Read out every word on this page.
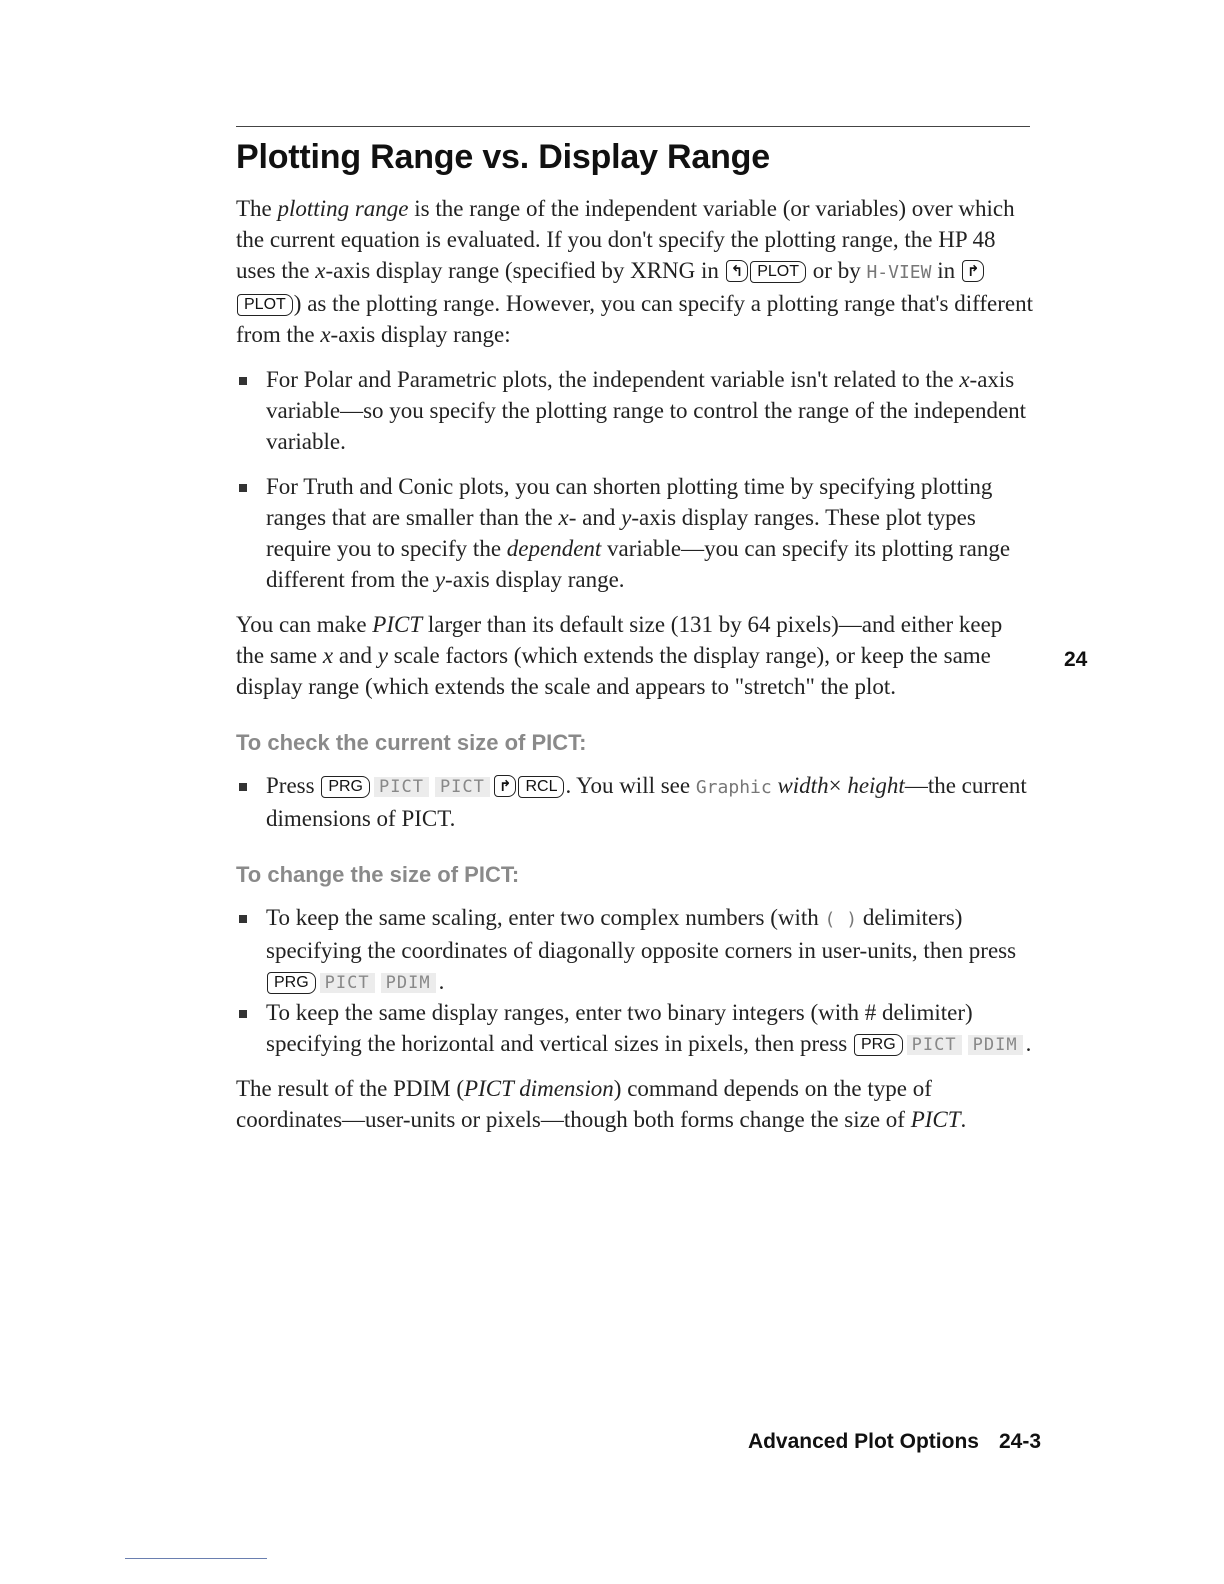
Plotting Range vs. Display Range
24

The plotting range is the range of the independent variable (or variables) over which the current equation is evaluated. If you don't specify the plotting range, the HP 48 uses the x-axis display range (specified by XRNG in ↰ PLOT or by H-VIEW in ↱PLOT ) as the plotting range. However, you can specify a plotting range that's different from the x-axis display range:

For Polar and Parametric plots, the independent variable isn't related to the x-axis variable—so you specify the plotting range to control the range of the independent variable.
For Truth and Conic plots, you can shorten plotting time by specifying plotting ranges that are smaller than the x- and y-axis display ranges. These plot types require you to specify the dependent variable—you can specify its plotting range different from the y-axis display range.

You can make PICT larger than its default size (131 by 64 pixels)—and either keep the same x and y scale factors (which extends the display range), or keep the same display range (which extends the scale and appears to "stretch" the plot.

To check the current size of PICT:
Press PRG PICT PICT ↱ RCL . You will see Graphic width× height—the current dimensions of PICT.
To change the size of PICT:
To keep the same scaling, enter two complex numbers (with ( ) delimiters) specifying the coordinates of diagonally opposite corners in user-units, then press PRG PICT PDIM .
To keep the same display ranges, enter two binary integers (with # delimiter) specifying the horizontal and vertical sizes in pixels, then press PRG PICT PDIM .

The result of the PDIM (PICT dimension) command depends on the type of coordinates—user-units or pixels—though both forms change the size of PICT.

Advanced Plot Options 24-3
